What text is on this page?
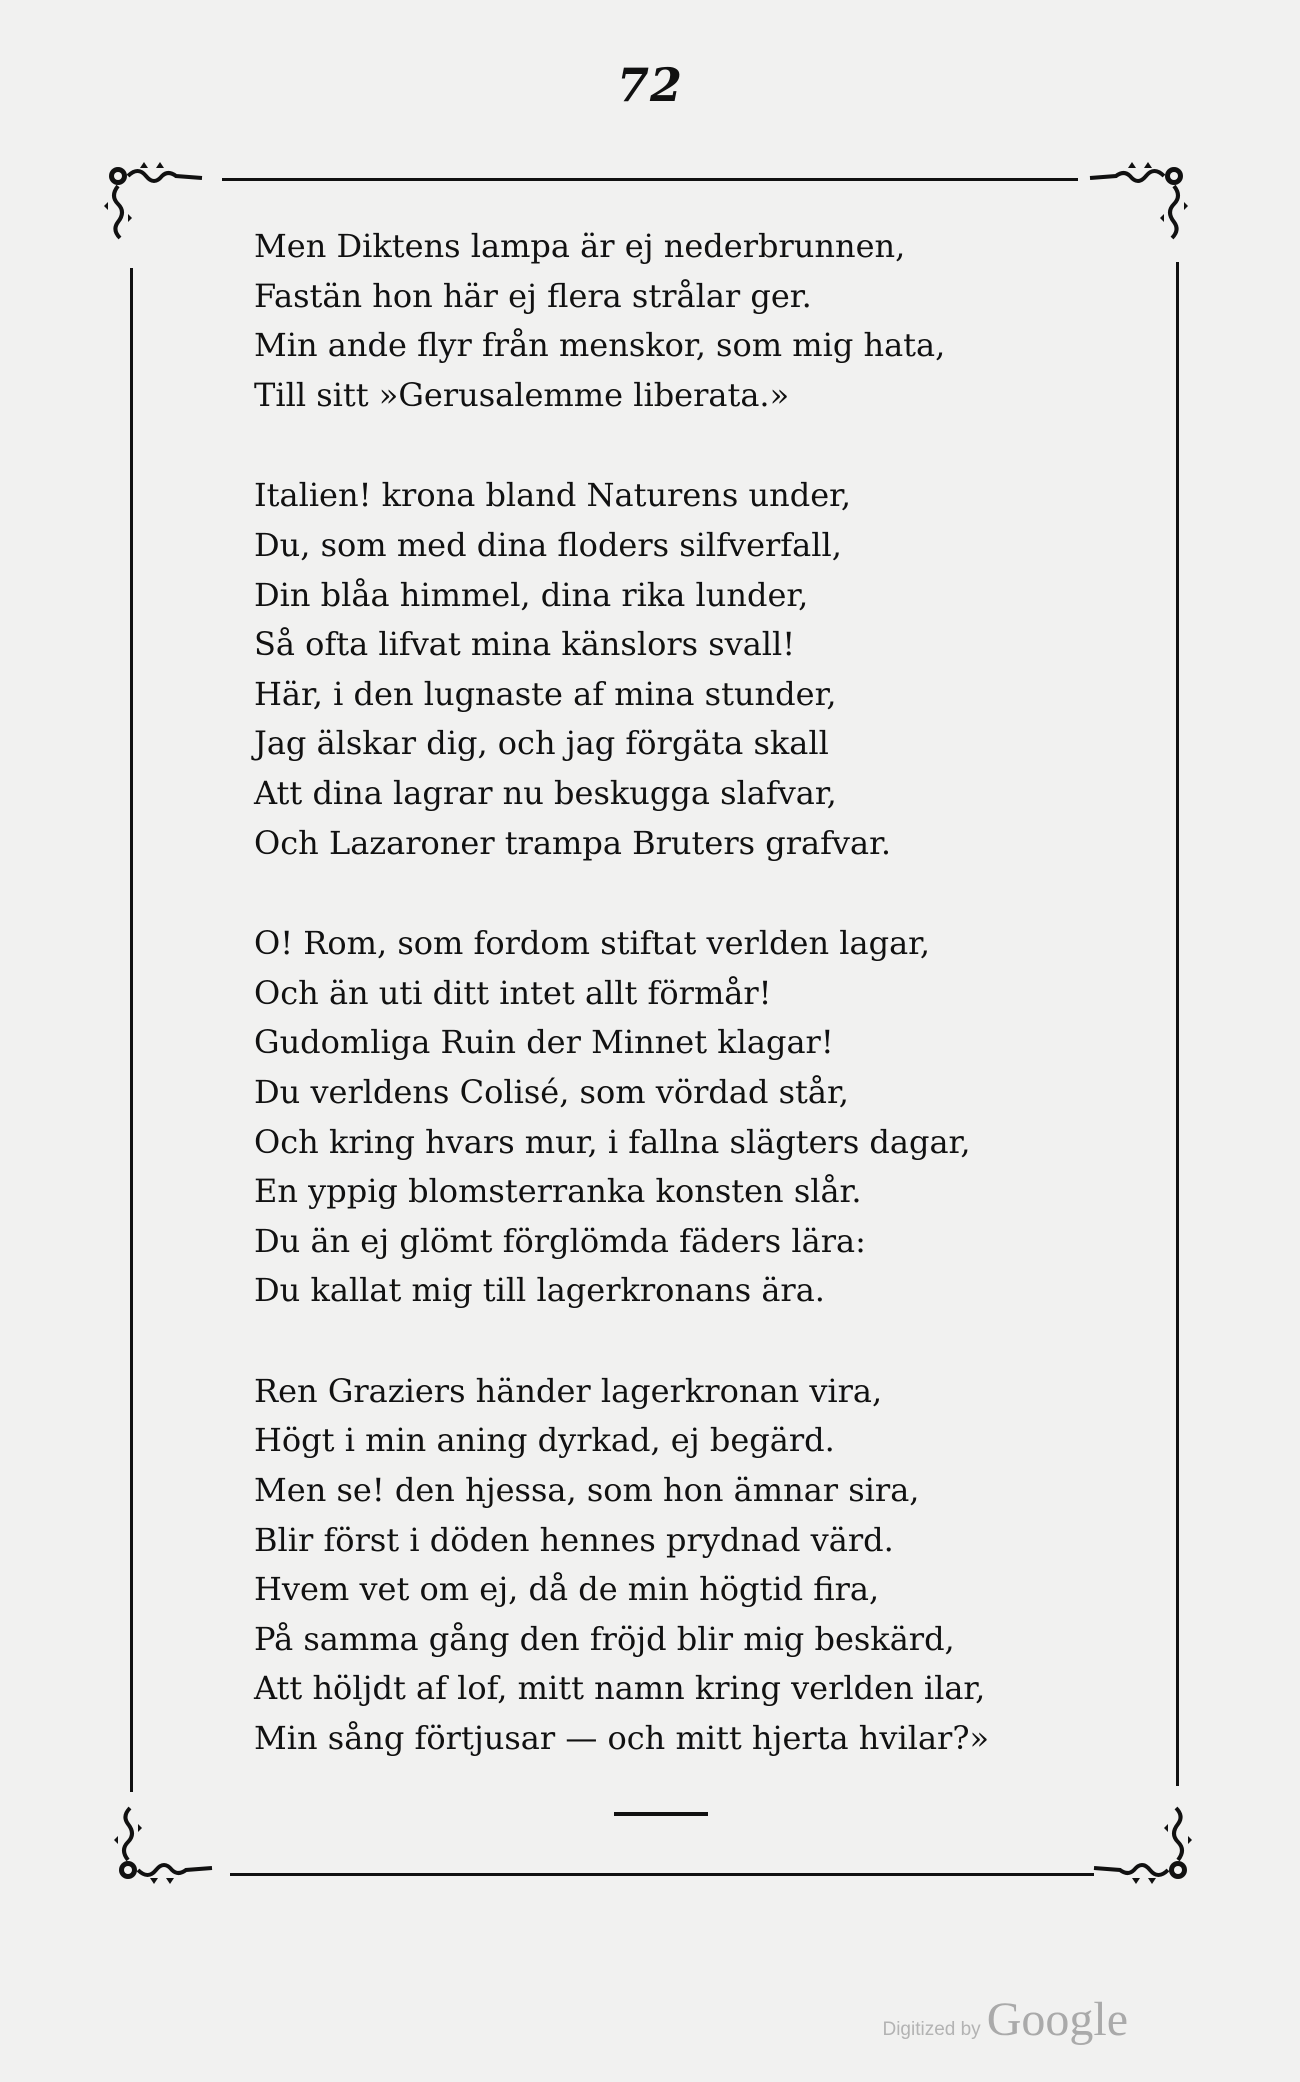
72
Men Diktens lampa är ej nederbrunnen,
Fastän hon här ej flera strålar ger.
Min ande flyr från menskor, som mig hata,
Till sitt »Gerusalemme liberata.»
Italien! krona bland Naturens under,
Du, som med dina floders silfverfall,
Din blåa himmel, dina rika lunder,
Så ofta lifvat mina känslors svall!
Här, i den lugnaste af mina stunder,
Jag älskar dig, och jag förgäta skall
Att dina lagrar nu beskugga slafvar,
Och Lazaroner trampa Bruters grafvar.
O! Rom, som fordom stiftat verlden lagar,
Och än uti ditt intet allt förmår!
Gudomliga Ruin der Minnet klagar!
Du verldens Colisé, som vördad står,
Och kring hvars mur, i fallna slägters dagar,
En yppig blomsterranka konsten slår.
Du än ej glömt förglömda fäders lära:
Du kallat mig till lagerkronans ära.
Ren Graziers händer lagerkronan vira,
Högt i min aning dyrkad, ej begärd.
Men se! den hjessa, som hon ämnar sira,
Blir först i döden hennes prydnad värd.
Hvem vet om ej, då de min högtid fira,
På samma gång den fröjd blir mig beskärd,
Att höljdt af lof, mitt namn kring verlden ilar,
Min sång förtjusar — och mitt hjerta hvilar?»
Digitized by Google
